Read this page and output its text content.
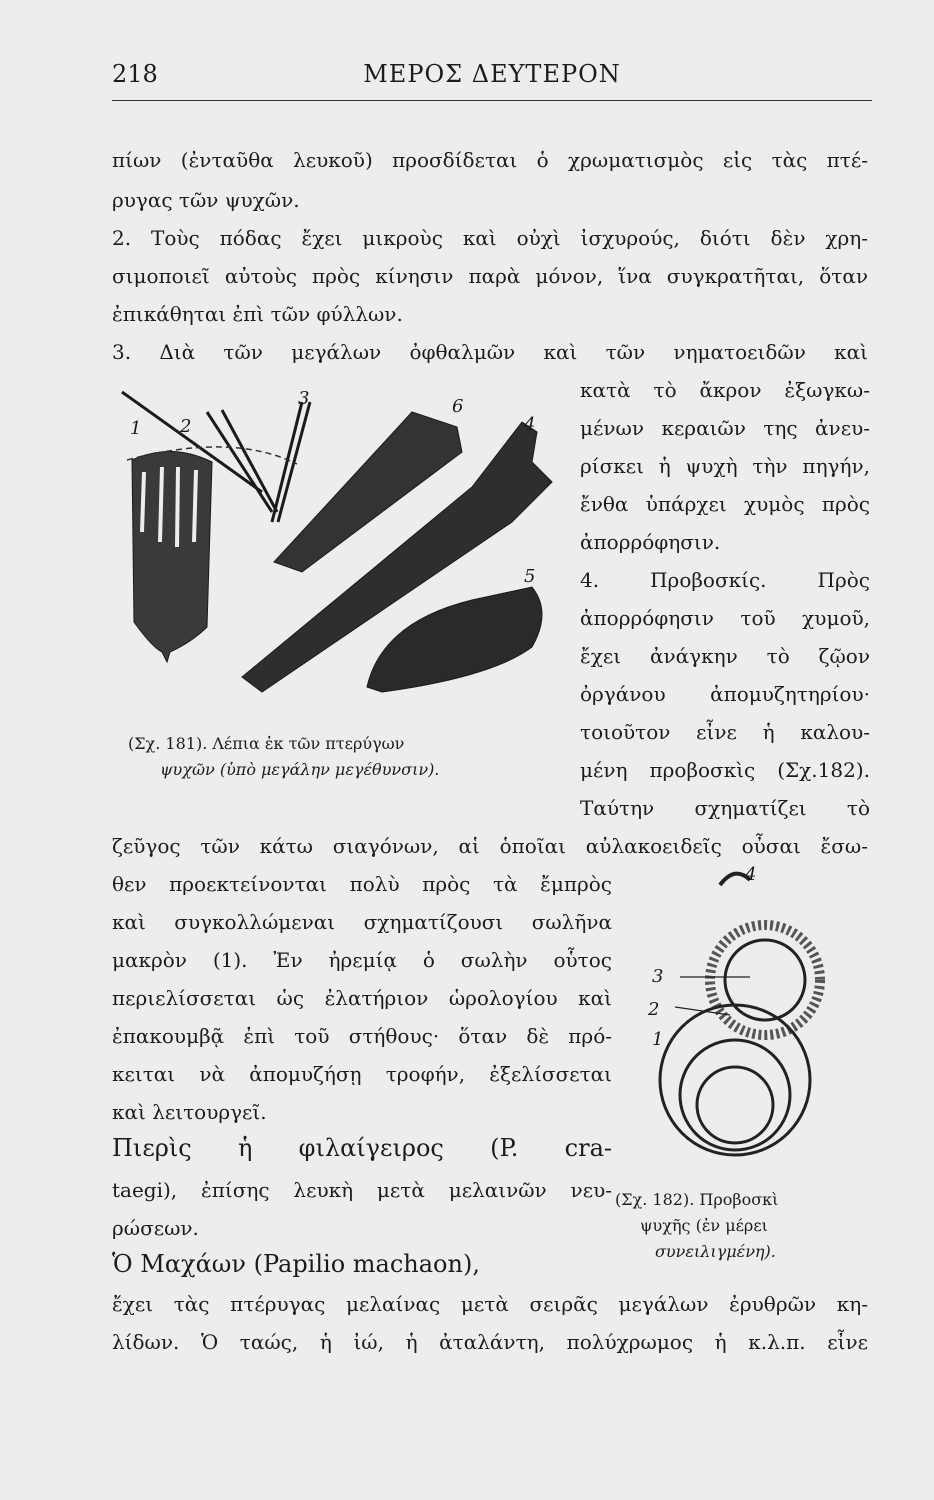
218	ΜΕΡΟΣ ΔΕΥΤΕΡΟΝ
πίων (ἐνταῦθα λευκοῦ) προσδίδεται ὁ χρωματισμὸς εἰς τὰς πτέ-
ρυγας τῶν ψυχῶν.
2. Τοὺς πόδας ἔχει μικροὺς καὶ οὐχὶ ἰσχυρούς, διότι δὲν χρη-
σιμοποιεῖ αὐτοὺς πρὸς κίνησιν παρὰ μόνον, ἵνα συγκρατῆται, ὅταν
ἐπικάθηται ἐπὶ τῶν φύλλων.
3. Διὰ τῶν μεγάλων ὀφθαλμῶν καὶ τῶν νηματοειδῶν καὶ
κατὰ τὸ ἄκρον ἐξωγκω-
μένων κεραιῶν της ἀνευ-
ρίσκει ἡ ψυχὴ τὴν πηγήν,
ἔνθα ὑπάρχει χυμὸς πρὸς
ἀπορρόφησιν.
4. Προβοσκίς. Πρὸς
ἀπορρόφησιν τοῦ χυμοῦ,
ἔχει ἀνάγκην τὸ ζῷον
ὀργάνου ἀπομυζητηρίου·
τοιοῦτον εἶνε ἡ καλου-
μένη προβοσκὶς (Σχ.182).
Ταύτην σχηματίζει τὸ
ζεῦγος τῶν κάτω σιαγόνων, αἱ ὁποῖαι αὐλακοειδεῖς οὖσαι ἔσω-
θεν προεκτείνονται πολὺ πρὸς τὰ ἔμπρὸς
καὶ συγκολλώμεναι σχηματίζουσι σωλῆνα
μακρὸν (1). Ἐν ἠρεμίᾳ ὁ σωλὴν οὗτος
περιελίσσεται ὡς ἐλατήριον ὡρολογίου καὶ
ἐπακουμβᾷ ἐπὶ τοῦ στήθους· ὅταν δὲ πρό-
κειται νὰ ἀπομυζήσῃ τροφήν, ἐξελίσσεται
καὶ λειτουργεῖ.
Πιερὶς ἡ φιλαίγειρος (P. cra-
taegi), ἐπίσης λευκὴ μετὰ μελαινῶν νευ-
ρώσεων.
Ὁ Μαχάων (Papilio machaon),
ἔχει τὰς πτέρυγας μελαίνας μετὰ σειρᾶς μεγάλων ἐρυθρῶν κη-
λίδων. Ὁ ταώς, ἡ ἰώ, ἡ ἀταλάντη, πολύχρωμος ἡ κ.λ.π. εἶνε
1 2
3
4
5
6
(Σχ. 181). Λέπια ἐκ τῶν πτερύγων
ψυχῶν (ὑπὸ μεγάλην μεγέθυνσιν).
1
2
3
4
(Σχ. 182). Προβοσκὶ
ψυχῆς (ἐν μέρει
συνειλιγμένη).
